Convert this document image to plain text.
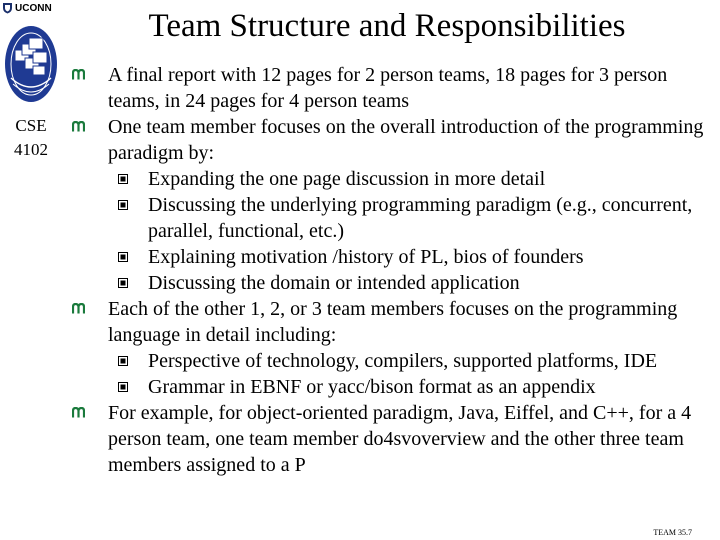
UCONN
CSE
4102
Team Structure and Responsibilities
A final report with 12 pages for 2 person teams, 18 pages for 3 person teams, in 24 pages for 4 person teams
One team member focuses on the overall introduction of the programming paradigm by:
Expanding the one page discussion in more detail
Discussing the underlying programming paradigm (e.g., concurrent, parallel, functional, etc.)
Explaining motivation /history of PL, bios of founders
Discussing the domain or intended application
Each of the other 1, 2, or 3 team members focuses on the programming language in detail including:
Perspective of technology, compilers, supported platforms, IDE
Grammar in EBNF or yacc/bison format as an appendix
For example, for object-oriented paradigm, Java, Eiffel, and C++, for a 4 person team, one team member do4svoverview and the other three team members assigned to a P
TEAM 35.7
